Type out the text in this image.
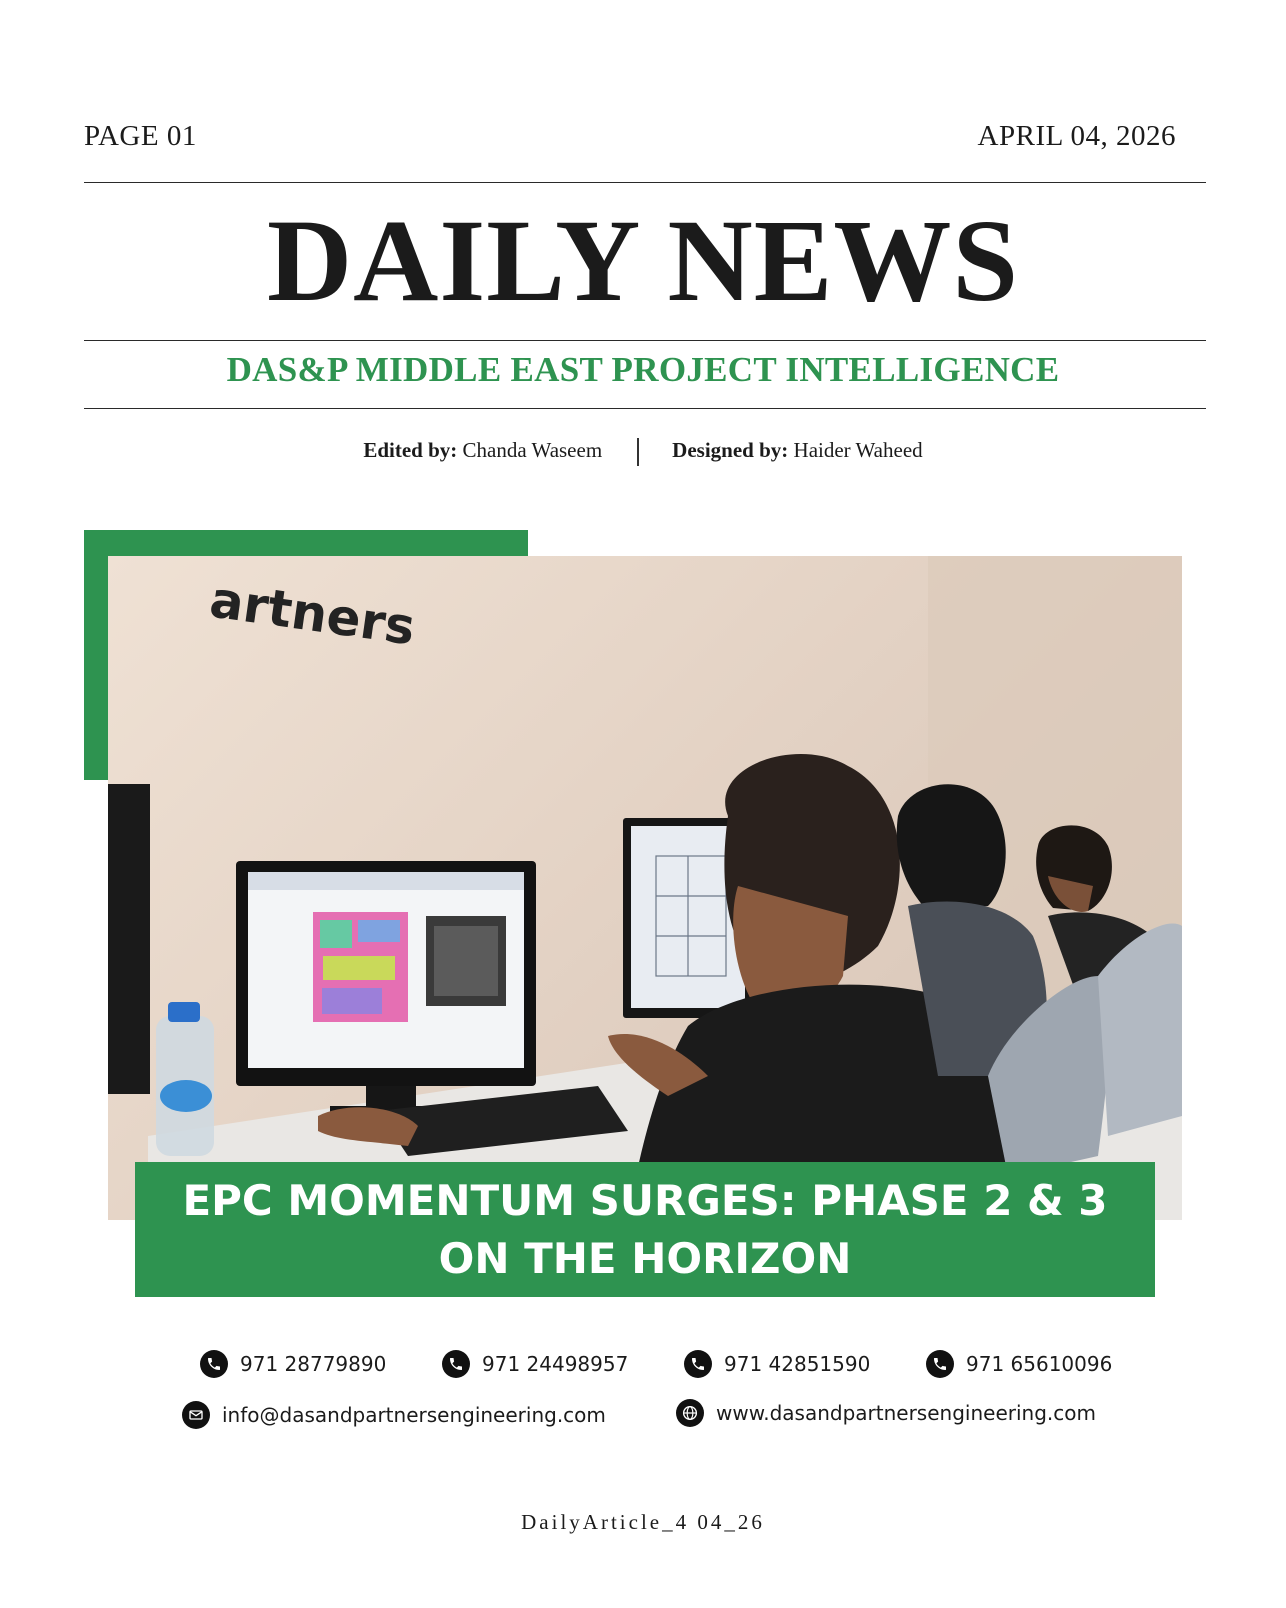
PAGE 01	APRIL 04, 2026
DAILY NEWS
DAS&P MIDDLE EAST PROJECT INTELLIGENCE
Edited by: Chanda Waseem	Designed by: Haider Waheed
artners
EPC MOMENTUM SURGES: PHASE 2 & 3
ON THE HORIZON
971 28779890	971 24498957	971 42851590	971 65610096
info@dasandpartnersengineering.com	www.dasandpartnersengineering.com
DailyArticle_4 04_26
